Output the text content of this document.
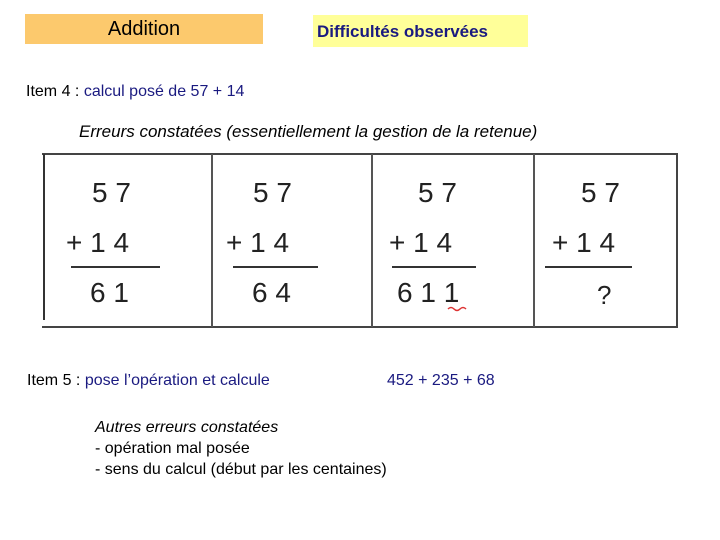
Addition	Difficultés observées
Item 4 : calcul posé de 57 + 14
Erreurs constatées (essentiellement la gestion de la retenue)
5 7
+ 1 4
6 1
5 7
+ 1 4
6 4
5 7
+ 1 4
6 1 1
5 7
+ 1 4
?
Item 5 : pose l’opération et calcule	452 + 235 + 68
Autres erreurs constatées
- opération mal posée
- sens du calcul (début par les centaines)
